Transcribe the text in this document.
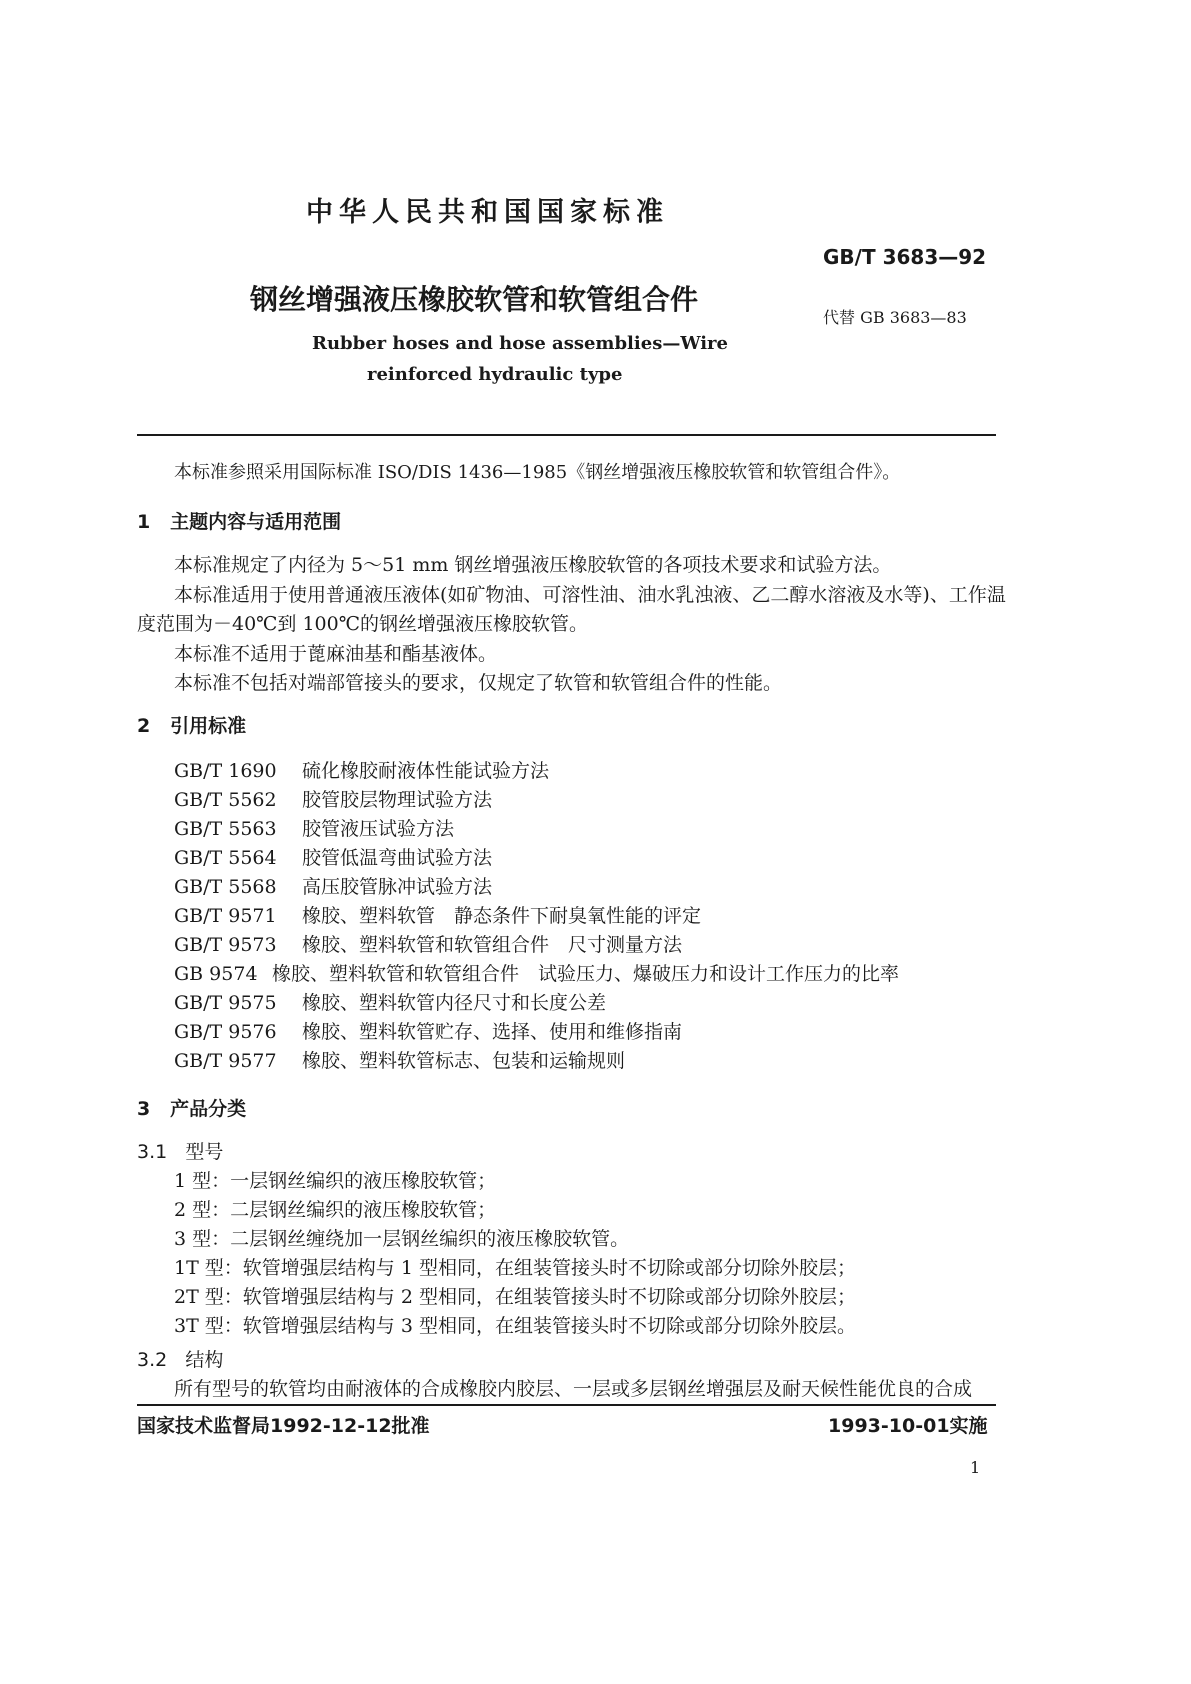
中华人民共和国国家标准
GB/T 3683—92
钢丝增强液压橡胶软管和软管组合件
代替 GB 3683—83
Rubber hoses and hose assemblies—Wire
reinforced hydraulic type
本标准参照采用国际标准 ISO/DIS 1436—1985《钢丝增强液压橡胶软管和软管组合件》。
1 主题内容与适用范围
本标准规定了内径为 5～51 mm 钢丝增强液压橡胶软管的各项技术要求和试验方法。
本标准适用于使用普通液压液体(如矿物油、可溶性油、油水乳浊液、乙二醇水溶液及水等)、工作温
度范围为－40℃到 100℃的钢丝增强液压橡胶软管。
本标准不适用于蓖麻油基和酯基液体。
本标准不包括对端部管接头的要求，仅规定了软管和软管组合件的性能。
2 引用标准
GB/T 1690 硫化橡胶耐液体性能试验方法
GB/T 5562 胶管胶层物理试验方法
GB/T 5563 胶管液压试验方法
GB/T 5564 胶管低温弯曲试验方法
GB/T 5568 高压胶管脉冲试验方法
GB/T 9571 橡胶、塑料软管　静态条件下耐臭氧性能的评定
GB/T 9573 橡胶、塑料软管和软管组合件　尺寸测量方法
GB 9574 橡胶、塑料软管和软管组合件　试验压力、爆破压力和设计工作压力的比率
GB/T 9575 橡胶、塑料软管内径尺寸和长度公差
GB/T 9576 橡胶、塑料软管贮存、选择、使用和维修指南
GB/T 9577 橡胶、塑料软管标志、包装和运输规则
3 产品分类
3.1 型号
1 型：一层钢丝编织的液压橡胶软管；
2 型：二层钢丝编织的液压橡胶软管；
3 型：二层钢丝缠绕加一层钢丝编织的液压橡胶软管。
1T 型：软管增强层结构与 1 型相同，在组装管接头时不切除或部分切除外胶层；
2T 型：软管增强层结构与 2 型相同，在组装管接头时不切除或部分切除外胶层；
3T 型：软管增强层结构与 3 型相同，在组装管接头时不切除或部分切除外胶层。
3.2 结构
所有型号的软管均由耐液体的合成橡胶内胶层、一层或多层钢丝增强层及耐天候性能优良的合成
国家技术监督局1992-12-12批准	1993-10-01实施
1
